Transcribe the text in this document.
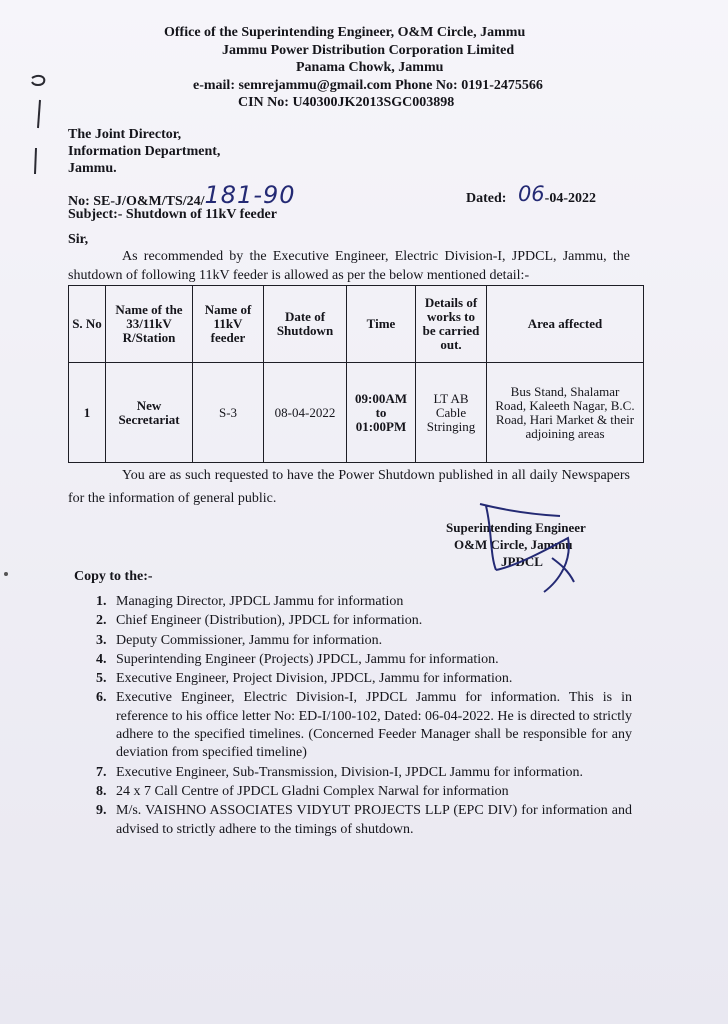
Office of the Superintending Engineer, O&M Circle, Jammu
Jammu Power Distribution Corporation Limited
Panama Chowk, Jammu
e-mail: semrejammu@gmail.com Phone No: 0191-2475566
CIN No: U40300JK2013SGC003898
The Joint Director,
Information Department,
Jammu.
No: SE-J/O&M/TS/24/181-90	Dated: 06-04-2022
Subject:- Shutdown of 11kV feeder
Sir,
As recommended by the Executive Engineer, Electric Division-I, JPDCL, Jammu, the shutdown of following 11kV feeder is allowed as per the below mentioned detail:-
S. No	Name of the 33/11kV R/Station	Name of 11kV feeder	Date of Shutdown	Time	Details of works to be carried out.	Area affected
1	New Secretariat	S-3	08-04-2022	09:00AM to 01:00PM	LT AB Cable Stringing	Bus Stand, Shalamar Road, Kaleeth Nagar, B.C. Road, Hari Market & their adjoining areas
You are as such requested to have the Power Shutdown published in all daily Newspapers for the information of general public.
Superintending Engineer
O&M Circle, Jammu
JPDCL
Copy to the:-
1. Managing Director, JPDCL Jammu for information
2. Chief Engineer (Distribution), JPDCL for information.
3. Deputy Commissioner, Jammu for information.
4. Superintending Engineer (Projects) JPDCL, Jammu for information.
5. Executive Engineer, Project Division, JPDCL, Jammu for information.
6. Executive Engineer, Electric Division-I, JPDCL Jammu for information. This is in reference to his office letter No: ED-I/100-102, Dated: 06-04-2022. He is directed to strictly adhere to the specified timelines. (Concerned Feeder Manager shall be responsible for any deviation from specified timeline)
7. Executive Engineer, Sub-Transmission, Division-I, JPDCL Jammu for information.
8. 24 x 7 Call Centre of JPDCL Gladni Complex Narwal for information
9. M/s. VAISHNO ASSOCIATES VIDYUT PROJECTS LLP (EPC DIV) for information and advised to strictly adhere to the timings of shutdown.
